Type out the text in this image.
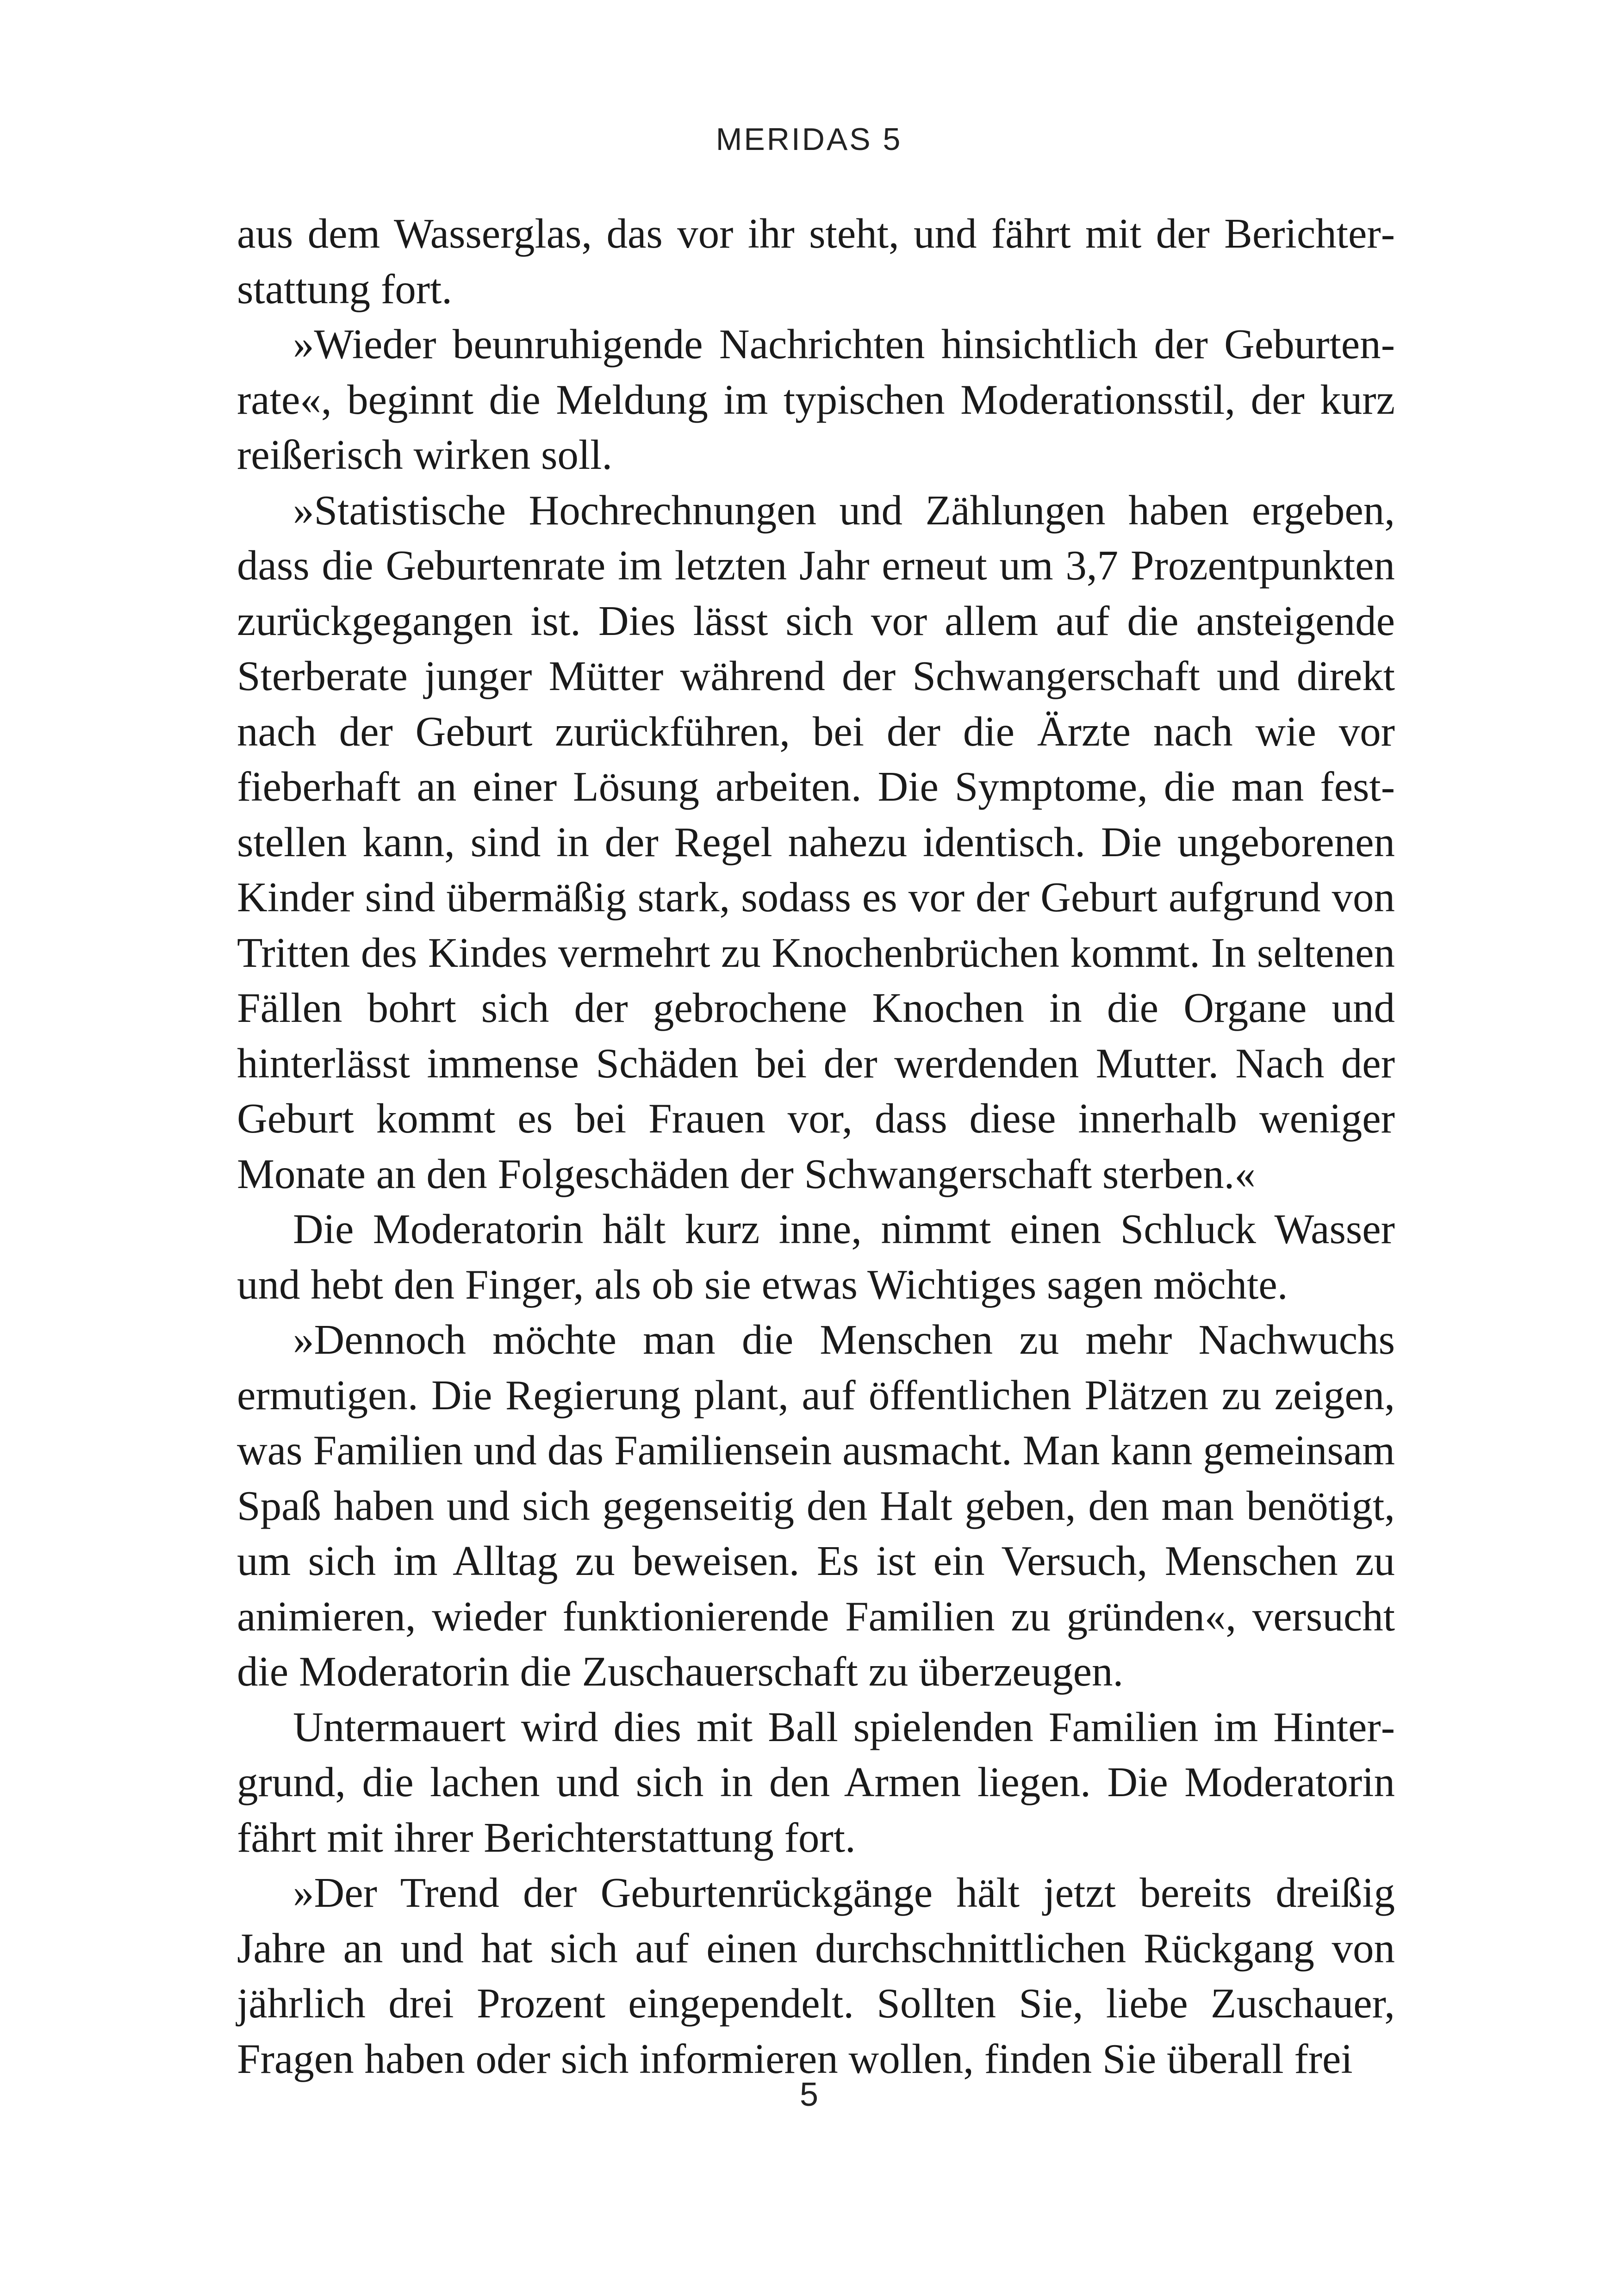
MERIDAS 5

aus dem Wasserglas, das vor ihr steht, und fährt mit der Berichterstattung fort.

»Wieder beunruhigende Nachrichten hinsichtlich der Geburtenrate«, beginnt die Meldung im typischen Moderationsstil, der kurz reißerisch wirken soll.

»Statistische Hochrechnungen und Zählungen haben ergeben, dass die Geburtenrate im letzten Jahr erneut um 3,7 Prozentpunkten zurückgegangen ist. Dies lässt sich vor allem auf die ansteigende Sterberate junger Mütter während der Schwangerschaft und direkt nach der Geburt zurückführen, bei der die Ärzte nach wie vor fieberhaft an einer Lösung arbeiten. Die Symptome, die man feststellen kann, sind in der Regel nahezu identisch. Die ungeborenen Kinder sind übermäßig stark, sodass es vor der Geburt aufgrund von Tritten des Kindes vermehrt zu Knochenbrüchen kommt. In seltenen Fällen bohrt sich der gebrochene Knochen in die Organe und hinterlässt immense Schäden bei der werdenden Mutter. Nach der Geburt kommt es bei Frauen vor, dass diese innerhalb weniger Monate an den Folgeschäden der Schwangerschaft sterben.«

Die Moderatorin hält kurz inne, nimmt einen Schluck Wasser und hebt den Finger, als ob sie etwas Wichtiges sagen möchte.

»Dennoch möchte man die Menschen zu mehr Nachwuchs ermutigen. Die Regierung plant, auf öffentlichen Plätzen zu zeigen, was Familien und das Familiensein ausmacht. Man kann gemeinsam Spaß haben und sich gegenseitig den Halt geben, den man benötigt, um sich im Alltag zu beweisen. Es ist ein Versuch, Menschen zu animieren, wieder funktionierende Familien zu gründen«, versucht die Moderatorin die Zuschauerschaft zu überzeugen.

Untermauert wird dies mit Ball spielenden Familien im Hintergrund, die lachen und sich in den Armen liegen. Die Moderatorin fährt mit ihrer Berichterstattung fort.

»Der Trend der Geburtenrückgänge hält jetzt bereits dreißig Jahre an und hat sich auf einen durchschnittlichen Rückgang von jährlich drei Prozent eingependelt. Sollten Sie, liebe Zuschauer, Fragen haben oder sich informieren wollen, finden Sie überall frei

5
